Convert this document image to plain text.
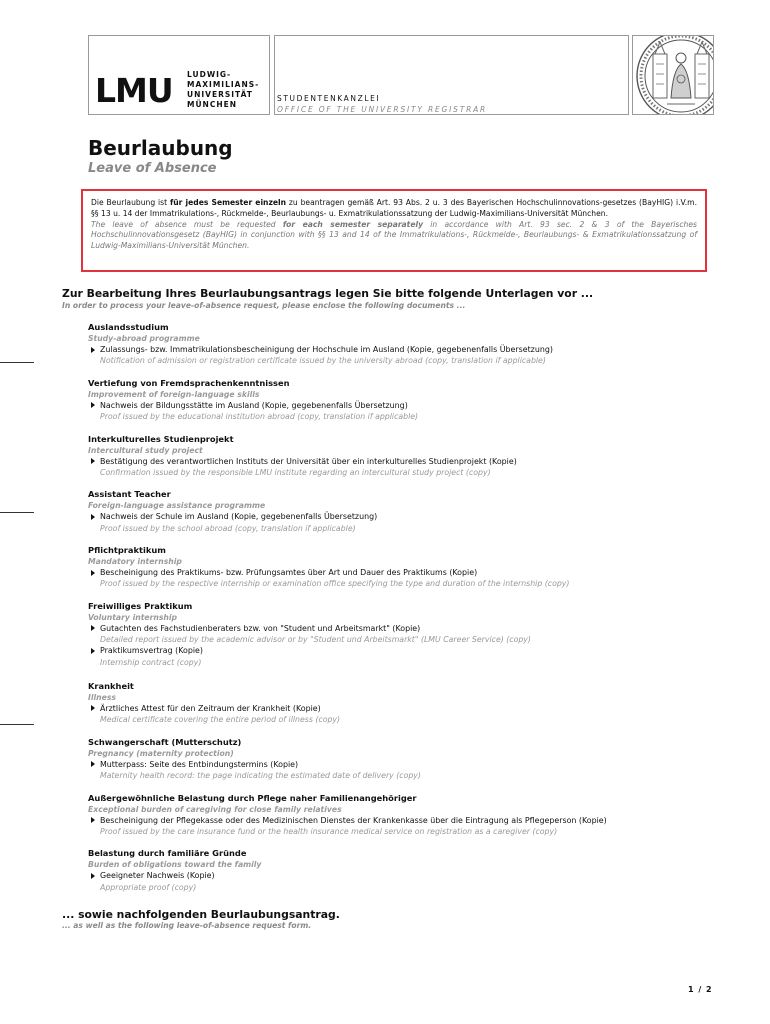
LMU LUDWIG-
MAXIMILIANS-
UNIVERSITÄT
MÜNCHEN
STUDENTENKANZLEI
OFFICE OF THE UNIVERSITY REGISTRAR
Beurlaubung
Leave of Absence
Die Beurlaubung ist für jedes Semester einzeln zu beantragen gemäß Art. 93 Abs. 2 u. 3 des Bayerischen Hochschulinnovations-gesetzes (BayHIG) i.V.m. §§ 13 u. 14 der Immatrikulations-, Rückmelde-, Beurlaubungs- u. Exmatrikulationssatzung der Ludwig-Maximilians-Universität München.
The leave of absence must be requested for each semester separately in accordance with Art. 93 sec. 2 & 3 of the Bayerisches Hochschulinnovationsgesetz (BayHIG) in conjunction with §§ 13 and 14 of the Immatrikulations-, Rückmelde-, Beurlaubungs- & Exmatrikulationssatzung of Ludwig-Maximilians-Universität München.
Zur Bearbeitung Ihres Beurlaubungsantrags legen Sie bitte folgende Unterlagen vor ...
In order to process your leave-of-absence request, please enclose the following documents ...
Auslandsstudium
Study-abroad programme
Zulassungs- bzw. Immatrikulationsbescheinigung der Hochschule im Ausland (Kopie, gegebenenfalls Übersetzung)
Notification of admission or registration certificate issued by the university abroad (copy, translation if applicable)
Vertiefung von Fremdsprachenkenntnissen
Improvement of foreign-language skills
Nachweis der Bildungsstätte im Ausland (Kopie, gegebenenfalls Übersetzung)
Proof issued by the educational institution abroad (copy, translation if applicable)
Interkulturelles Studienprojekt
Intercultural study project
Bestätigung des verantwortlichen Instituts der Universität über ein interkulturelles Studienprojekt (Kopie)
Confirmation issued by the responsible LMU institute regarding an intercultural study project (copy)
Assistant Teacher
Foreign-language assistance programme
Nachweis der Schule im Ausland (Kopie, gegebenenfalls Übersetzung)
Proof issued by the school abroad (copy, translation if applicable)
Pflichtpraktikum
Mandatory internship
Bescheinigung des Praktikums- bzw. Prüfungsamtes über Art und Dauer des Praktikums (Kopie)
Proof issued by the respective internship or examination office specifying the type and duration of the internship (copy)
Freiwilliges Praktikum
Voluntary internship
Gutachten des Fachstudienberaters bzw. von "Student und Arbeitsmarkt" (Kopie)
Detailed report issued by the academic advisor or by "Student und Arbeitsmarkt" (LMU Career Service) (copy)
Praktikumsvertrag (Kopie)
Internship contract (copy)
Krankheit
Illness
Ärztliches Attest für den Zeitraum der Krankheit (Kopie)
Medical certificate covering the entire period of illness (copy)
Schwangerschaft (Mutterschutz)
Pregnancy (maternity protection)
Mutterpass: Seite des Entbindungstermins (Kopie)
Maternity health record: the page indicating the estimated date of delivery (copy)
Außergewöhnliche Belastung durch Pflege naher Familienangehöriger
Exceptional burden of caregiving for close family relatives
Bescheinigung der Pflegekasse oder des Medizinischen Dienstes der Krankenkasse über die Eintragung als Pflegeperson (Kopie)
Proof issued by the care insurance fund or the health insurance medical service on registration as a caregiver (copy)
Belastung durch familiäre Gründe
Burden of obligations toward the family
Geeigneter Nachweis (Kopie)
Appropriate proof (copy)
... sowie nachfolgenden Beurlaubungsantrag.
... as well as the following leave-of-absence request form.
1 / 2
